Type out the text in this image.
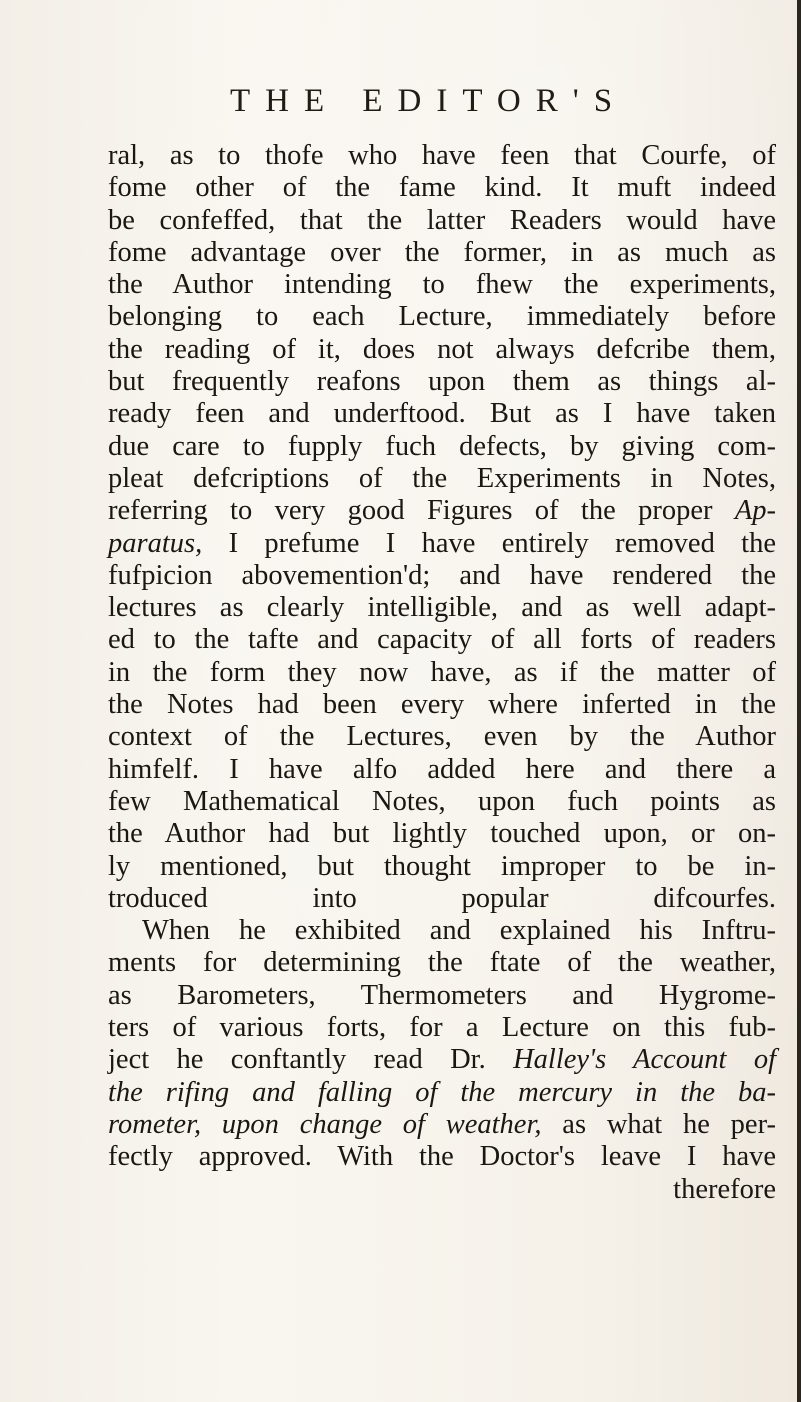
THE EDITOR'S
ral, as to thofe who have feen that Courfe, of
fome other of the fame kind. It muft indeed
be confeffed, that the latter Readers would have
fome advantage over the former, in as much as
the Author intending to fhew the experiments,
belonging to each Lecture, immediately before
the reading of it, does not always defcribe them,
but frequently reafons upon them as things al-
ready feen and underftood. But as I have taken
due care to fupply fuch defects, by giving com-
pleat defcriptions of the Experiments in Notes,
referring to very good Figures of the proper Ap-
paratus, I prefume I have entirely removed the
fufpicion abovemention'd; and have rendered the
lectures as clearly intelligible, and as well adapt-
ed to the tafte and capacity of all forts of readers
in the form they now have, as if the matter of
the Notes had been every where inferted in the
context of the Lectures, even by the Author
himfelf. I have alfo added here and there a
few Mathematical Notes, upon fuch points as
the Author had but lightly touched upon, or on-
ly mentioned, but thought improper to be in-
troduced into popular difcourfes.
When he exhibited and explained his Inftru-
ments for determining the ftate of the weather,
as Barometers, Thermometers and Hygrome-
ters of various forts, for a Lecture on this fub-
ject he conftantly read Dr. Halley's Account of
the rifing and falling of the mercury in the ba-
rometer, upon change of weather, as what he per-
fectly approved. With the Doctor's leave I have
therefore
